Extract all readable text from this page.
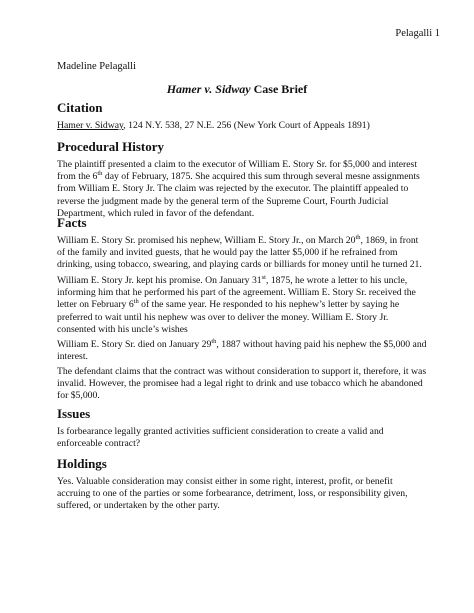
Pelagalli 1
Madeline Pelagalli
Hamer v. Sidway Case Brief
Citation

Hamer v. Sidway, 124 N.Y. 538, 27 N.E. 256 (New York Court of Appeals 1891)

Procedural History

The plaintiff presented a claim to the executor of William E. Story Sr. for $5,000 and interest from the 6th day of February, 1875. She acquired this sum through several mesne assignments from William E. Story Jr. The claim was rejected by the executor. The plaintiff appealed to reverse the judgment made by the general term of the Supreme Court, Fourth Judicial Department, which ruled in favor of the defendant.

Facts

William E. Story Sr. promised his nephew, William E. Story Jr., on March 20th, 1869, in front of the family and invited guests, that he would pay the latter $5,000 if he refrained from drinking, using tobacco, swearing, and playing cards or billiards for money until he turned 21.

William E. Story Jr. kept his promise. On January 31st, 1875, he wrote a letter to his uncle, informing him that he performed his part of the agreement. William E. Story Sr. received the letter on February 6th of the same year. He responded to his nephew’s letter by saying he preferred to wait until his nephew was over to deliver the money. William E. Story Jr. consented with his uncle’s wishes

William E. Story Sr. died on January 29th, 1887 without having paid his nephew the $5,000 and interest.

The defendant claims that the contract was without consideration to support it, therefore, it was invalid. However, the promisee had a legal right to drink and use tobacco which he abandoned for $5,000.

Issues

Is forbearance legally granted activities sufficient consideration to create a valid and enforceable contract?

Holdings

Yes. Valuable consideration may consist either in some right, interest, profit, or benefit accruing to one of the parties or some forbearance, detriment, loss, or responsibility given, suffered, or undertaken by the other party.
